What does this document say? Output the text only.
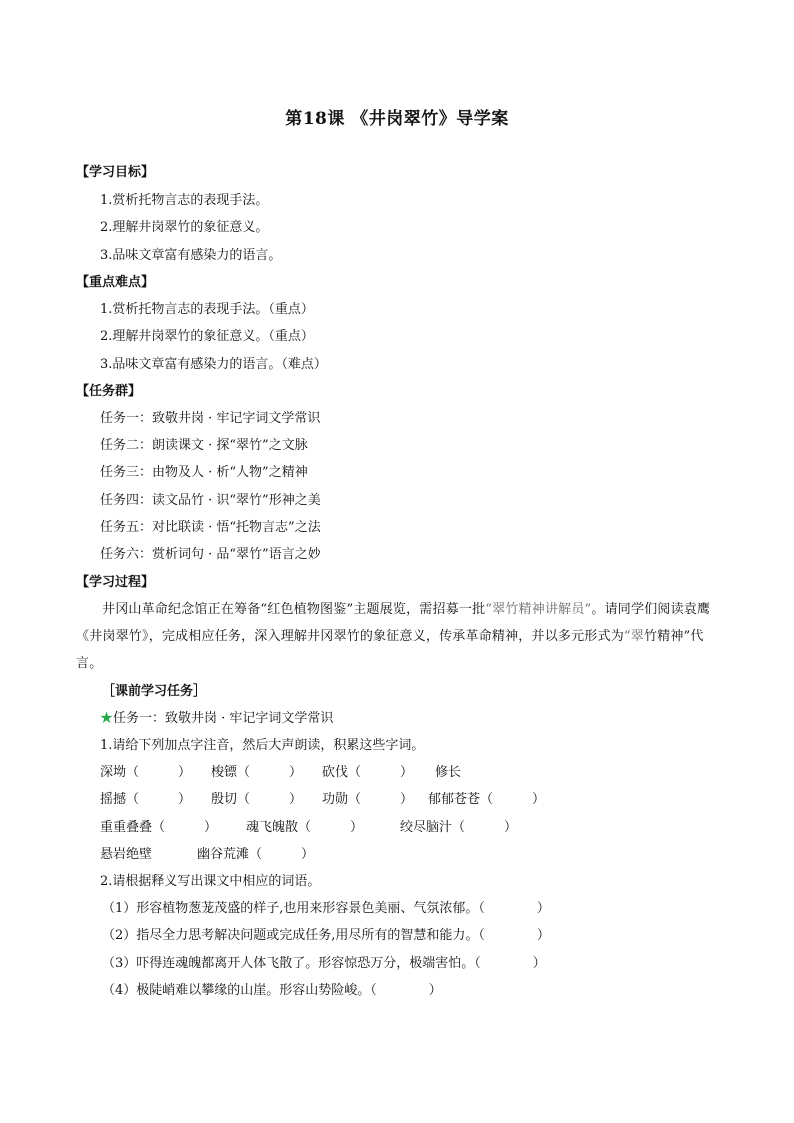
第18课 《井岗翠竹》导学案
【学习目标】
1.赏析托物言志的表现手法。
2.理解井岗翠竹的象征意义。
3.品味文章富有感染力的语言。
【重点难点】
1.赏析托物言志的表现手法。（重点）
2.理解井岗翠竹的象征意义。（重点）
3.品味文章富有感染力的语言。（难点）
【任务群】
任务一：致敬井岗 · 牢记字词文学常识
任务二：朗读课文 · 探“翠竹”之文脉
任务三：由物及人 · 析“人物”之精神
任务四：读文品竹 · 识“翠竹”形神之美
任务五：对比联读 · 悟“托物言志”之法
任务六：赏析词句 · 品“翠竹”语言之妙
【学习过程】
井冈山革命纪念馆正在筹备“红色植物图鉴”主题展览，需招募一批“翠竹精神讲解员”。请同学们阅读袁鹰《井岗翠竹》，完成相应任务，深入理解井冈翠竹的象征意义，传承革命精神，并以多元形式为“翠竹精神”代言。
［课前学习任务］
★任务一：致敬井岗 · 牢记字词文学常识
1.请给下列加点字注音，然后大声朗读，积累这些字词。
深坳（　　　） 梭镖（　　　） 砍伐（　　　） 修长
摇撼（　　　） 殷切（　　　） 功勋（　　　） 郁郁苍苍（　　　）
重重叠叠（　　　） 魂飞魄散（　　　）	绞尽脑汁（　　　）
悬岩绝壁	幽谷荒滩（　　　）
2.请根据释义写出课文中相应的词语。
（1）形容植物葱茏茂盛的样子,也用来形容景色美丽、气氛浓郁。（　　　　）
（2）指尽全力思考解决问题或完成任务,用尽所有的智慧和能力。（　　　　）
（3）吓得连魂魄都离开人体飞散了。形容惊恐万分，极端害怕。（　　　　）
（4）极陡峭难以攀缘的山崖。形容山势险峻。（　　　　）
